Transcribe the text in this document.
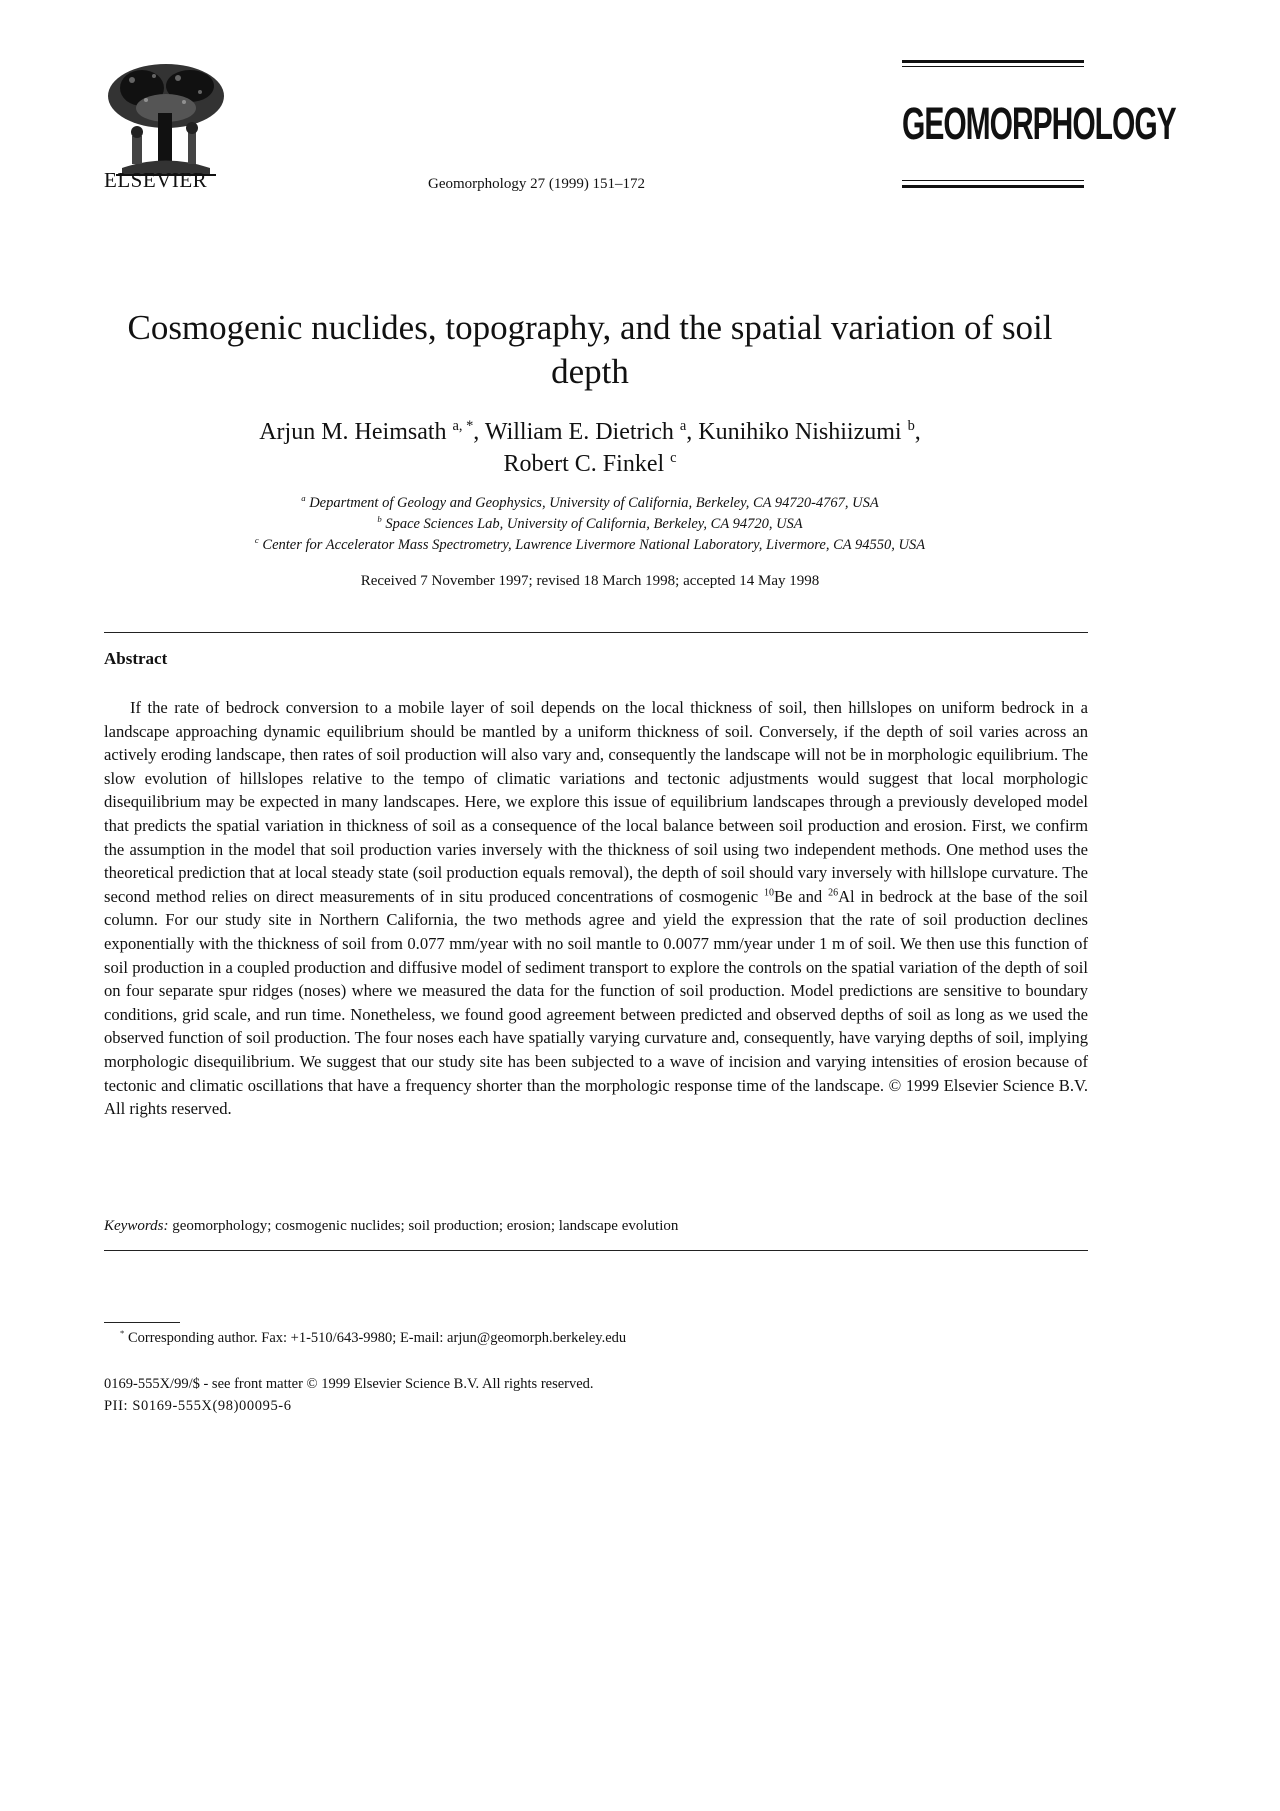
ELSEVIER	Geomorphology 27 (1999) 151–172
GEOMORPHOLOGY
Cosmogenic nuclides, topography, and the spatial variation of soil depth
Arjun M. Heimsath $^{a, *}$, William E. Dietrich $^a$, Kunihiko Nishiizumi $^b$,
Robert C. Finkel $^c$
$^a$ Department of Geology and Geophysics, University of California, Berkeley, CA 94720-4767, USA
$^b$ Space Sciences Lab, University of California, Berkeley, CA 94720, USA
$^c$ Center for Accelerator Mass Spectrometry, Lawrence Livermore National Laboratory, Livermore, CA 94550, USA
Received 7 November 1997; revised 18 March 1998; accepted 14 May 1998
Abstract
If the rate of bedrock conversion to a mobile layer of soil depends on the local thickness of soil, then hillslopes on uniform bedrock in a landscape approaching dynamic equilibrium should be mantled by a uniform thickness of soil. Conversely, if the depth of soil varies across an actively eroding landscape, then rates of soil production will also vary and, consequently the landscape will not be in morphologic equilibrium. The slow evolution of hillslopes relative to the tempo of climatic variations and tectonic adjustments would suggest that local morphologic disequilibrium may be expected in many landscapes. Here, we explore this issue of equilibrium landscapes through a previously developed model that predicts the spatial variation in thickness of soil as a consequence of the local balance between soil production and erosion. First, we confirm the assumption in the model that soil production varies inversely with the thickness of soil using two independent methods. One method uses the theoretical prediction that at local steady state (soil production equals removal), the depth of soil should vary inversely with hillslope curvature. The second method relies on direct measurements of in situ produced concentrations of cosmogenic $^{10}$Be and $^{26}$Al in bedrock at the base of the soil column. For our study site in Northern California, the two methods agree and yield the expression that the rate of soil production declines exponentially with the thickness of soil from 0.077 mm/year with no soil mantle to 0.0077 mm/year under 1 m of soil. We then use this function of soil production in a coupled production and diffusive model of sediment transport to explore the controls on the spatial variation of the depth of soil on four separate spur ridges (noses) where we measured the data for the function of soil production. Model predictions are sensitive to boundary conditions, grid scale, and run time. Nonetheless, we found good agreement between predicted and observed depths of soil as long as we used the observed function of soil production. The four noses each have spatially varying curvature and, consequently, have varying depths of soil, implying morphologic disequilibrium. We suggest that our study site has been subjected to a wave of incision and varying intensities of erosion because of tectonic and climatic oscillations that have a frequency shorter than the morphologic response time of the landscape. © 1999 Elsevier Science B.V. All rights reserved.
Keywords: geomorphology; cosmogenic nuclides; soil production; erosion; landscape evolution
* Corresponding author. Fax: +1-510/643-9980; E-mail: arjun@geomorph.berkeley.edu
0169-555X/99/$ - see front matter © 1999 Elsevier Science B.V. All rights reserved.
PII: S0169-555X(98)00095-6
